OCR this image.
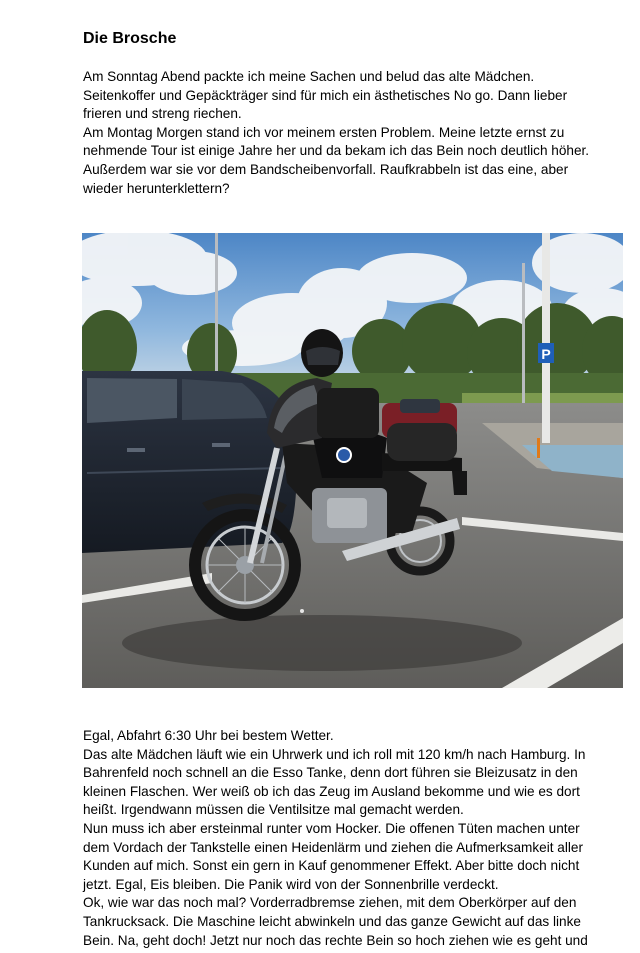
Die Brosche

Am Sonntag Abend packte ich meine Sachen und belud das alte Mädchen.
Seitenkoffer und Gepäckträger sind für mich ein ästhetisches No go. Dann lieber
frieren und streng riechen.
Am Montag Morgen stand ich vor meinem ersten Problem. Meine letzte ernst zu
nehmende Tour ist einige Jahre her und da bekam ich das Bein noch deutlich höher.
Außerdem war sie vor dem Bandscheibenvorfall. Raufkrabbeln ist das eine, aber
wieder herunterklettern?

P

Egal, Abfahrt 6:30 Uhr bei bestem Wetter.
Das alte Mädchen läuft wie ein Uhrwerk und ich roll mit 120 km/h nach Hamburg. In
Bahrenfeld noch schnell an die Esso Tanke, denn dort führen sie Bleizusatz in den
kleinen Flaschen. Wer weiß ob ich das Zeug im Ausland bekomme und wie es dort
heißt. Irgendwann müssen die Ventilsitze mal gemacht werden.
Nun muss ich aber ersteinmal runter vom Hocker. Die offenen Tüten machen unter
dem Vordach der Tankstelle einen Heidenlärm und ziehen die Aufmerksamkeit aller
Kunden auf mich. Sonst ein gern in Kauf genommener Effekt. Aber bitte doch nicht
jetzt. Egal, Eis bleiben. Die Panik wird von der Sonnenbrille verdeckt.
Ok, wie war das noch mal? Vorderradbremse ziehen, mit dem Oberkörper auf den
Tankrucksack. Die Maschine leicht abwinkeln und das ganze Gewicht auf das linke
Bein. Na, geht doch! Jetzt nur noch das rechte Bein so hoch ziehen wie es geht und
